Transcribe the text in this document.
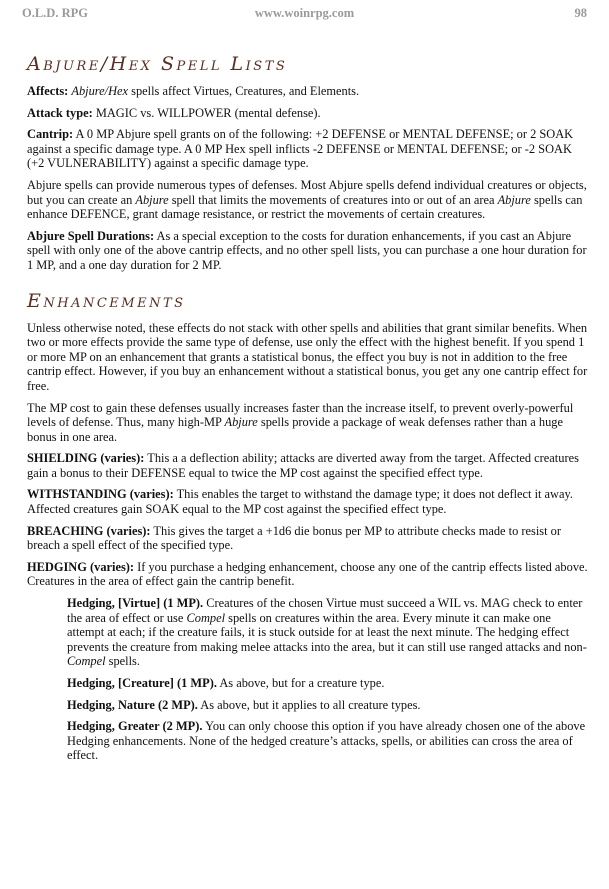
O.L.D. RPG	www.woinrpg.com	98
Abjure/Hex Spell Lists

Affects: Abjure/Hex spells affect Virtues, Creatures, and Elements.

Attack type: MAGIC vs. WILLPOWER (mental defense).

Cantrip: A 0 MP Abjure spell grants on of the following: +2 DEFENSE or MENTAL DEFENSE; or 2 SOAK against a specific damage type. A 0 MP Hex spell inflicts -2 DEFENSE or MENTAL DEFENSE; or -2 SOAK (+2 VULNERABILITY) against a specific damage type.

Abjure spells can provide numerous types of defenses. Most Abjure spells defend individual creatures or objects, but you can create an Abjure spell that limits the movements of creatures into or out of an area Abjure spells can enhance DEFENCE, grant damage resistance, or restrict the movements of certain creatures.

Abjure Spell Durations: As a special exception to the costs for duration enhancements, if you cast an Abjure spell with only one of the above cantrip effects, and no other spell lists, you can purchase a one hour duration for 1 MP, and a one day duration for 2 MP.

Enhancements

Unless otherwise noted, these effects do not stack with other spells and abilities that grant similar benefits. When two or more effects provide the same type of defense, use only the effect with the highest benefit. If you spend 1 or more MP on an enhancement that grants a statistical bonus, the effect you buy is not in addition to the free cantrip effect. However, if you buy an enhancement without a statistical bonus, you get any one cantrip effect for free.

The MP cost to gain these defenses usually increases faster than the increase itself, to prevent overly-powerful levels of defense. Thus, many high-MP Abjure spells provide a package of weak defenses rather than a huge bonus in one area.

SHIELDING (varies): This a a deflection ability; attacks are diverted away from the target. Affected creatures gain a bonus to their DEFENSE equal to twice the MP cost against the specified effect type.

WITHSTANDING (varies): This enables the target to withstand the damage type; it does not deflect it away. Affected creatures gain SOAK equal to the MP cost against the specified effect type.

BREACHING (varies): This gives the target a +1d6 die bonus per MP to attribute checks made to resist or breach a spell effect of the specified type.

HEDGING (varies): If you purchase a hedging enhancement, choose any one of the cantrip effects listed above. Creatures in the area of effect gain the cantrip benefit.

Hedging, [Virtue] (1 MP). Creatures of the chosen Virtue must succeed a WIL vs. MAG check to enter the area of effect or use Compel spells on creatures within the area. Every minute it can make one attempt at each; if the creature fails, it is stuck outside for at least the next minute. The hedging effect prevents the creature from making melee attacks into the area, but it can still use ranged attacks and non-Compel spells.

Hedging, [Creature] (1 MP). As above, but for a creature type.

Hedging, Nature (2 MP). As above, but it applies to all creature types.

Hedging, Greater (2 MP). You can only choose this option if you have already chosen one of the above Hedging enhancements. None of the hedged creature’s attacks, spells, or abilities can cross the area of effect.
